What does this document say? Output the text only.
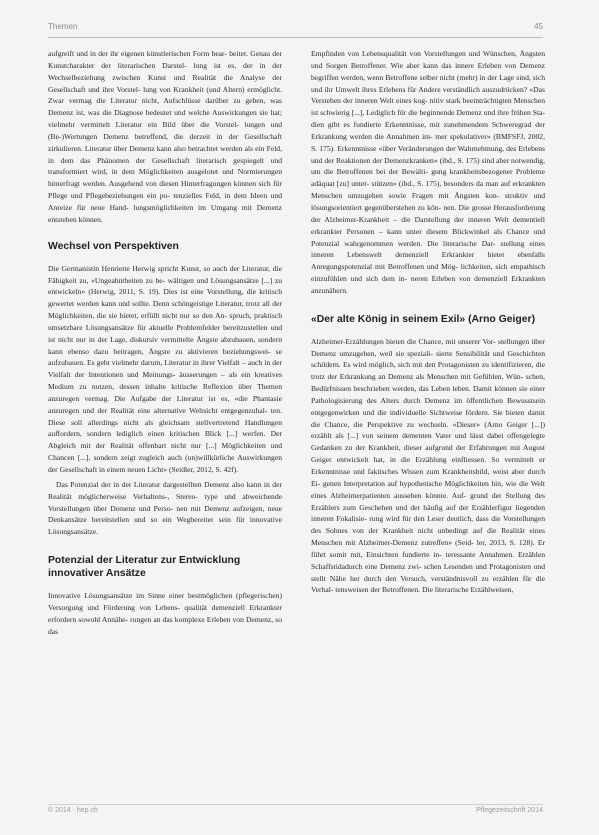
Themen	45

aufgreift und in der ihr eigenen künstlerischen Form bear- beitet. Genau der Kunstcharakter der literarischen Darstel- lung ist es, der in der Wechselbeziehung zwischen Kunst und Realität die Analyse der Gesellschaft und ihre Vorstel- lung von Krankheit (und Altern) ermöglicht. Zwar vermag die Literatur nicht, Aufschlüsse darüber zu geben, was Demenz ist, was die Diagnose bedeutet und welche Auswirkungen sie hat; vielmehr vermittelt Literatur ein Bild über die Vorstel- lungen und (Be-)Wertungen Demenz betreffend, die derzeit in der Gesellschaft zirkulieren. Literatur über Demenz kann also betrachtet werden als ein Feld, in dem das Phänomen der Gesellschaft literarisch gespiegelt und transformiert wird, in dem Möglichkeiten ausgelotet und Normierungen hinterfragt werden. Ausgehend von diesen Hinterfragungen können sich für Pflege und Pflegebeziehungen ein po- tenzielles Feld, in dem Ideen und Anreize für neue Hand- lungsmöglichkeiten im Umgang mit Demenz entstehen können.

Wechsel von Perspektiven

Die Germanistin Henriette Herwig spricht Kunst, so auch der Literatur, die Fähigkeit zu, «Ungeahntheiten zu be- wältigen und Lösungsansätze [...] zu entwickeln» (Herwig, 2011, S. 19). Dies ist eine Vorstellung, die kritisch gewertet werden kann und sollte. Denn schöngeistige Literatur, trotz all der Möglichkeiten, die sie bietet, erfüllt nicht nur so den An- spruch, praktisch umsetzbare Lösungsansätze für aktuelle Problemfelder bereitzustellen und ist nicht nur in der Lage, diskursiv vermittelte Ängste abzubauen, sondern kann ebenso dazu beitragen, Ängste zu aktivieren beziehungswei- se aufzubauen. Es geht vielmehr darum, Literatur in ihrer Vielfalt – auch in der Vielfalt der Intentionen und Meinungs- äusserungen – als ein kreatives Medium zu nutzen, dessen inhalte kritische Reflexion über Themen anzuregen vermag. Die Aufgabe der Literatur ist es, «die Phantasie anzuregen und der Realität eine alternative Weltsicht entgegenzuhal- ten. Diese soll allerdings nicht als gleichsam stellvertretend Handlungen auffordern, sondern lediglich einen kritischen Blick [...] werfen. Der Abgleich mit der Realität offenbart nicht nur [...] Möglichkeiten und Chancen [...], sondern zeigt zugleich auch (un)willkürliche Auswirkungen der Gesellschaft in einem neuen Licht» (Seidler, 2012, S. 42f).

Das Potenzial der in der Literatur dargestellten Demenz also kann in der Realität möglicherweise Verhaltens-, Stereo- type und abweichende Vorstellungen über Demenz und Perso- nen mit Demenz aufzeigen, neue Denkansätze bereitstellen und so ein Wegbereiter sein für innovative Lösungsansätze.

Potenzial der Literatur zur Entwicklung innovativer Ansätze

Innovative Lösungsansätze im Sinne einer bestmöglichen (pflegerischen) Versorgung und Förderung von Lebens- qualität demenziell Erkrankter erfordern sowohl Annähe- rungen an das komplexe Erleben von Demenz, so das

Empfinden von Lebensqualität von Vorstellungen und Wünschen, Ängsten und Sorgen Betroffener. Wie aber kann das innere Erleben von Demenz begriffen werden, wenn Betroffene selber nicht (mehr) in der Lage sind, sich und ihr Umwelt ihres Erlebens für Andere verständlich auszudrücken? «Das Verstehen der inneren Welt eines kog- nitiv stark beeinträchtigten Menschen ist schwierig [...], Lediglich für die beginnende Demenz und ihre frühen Sta- dien gibt es fundierte Erkenntnisse, mit zunehmendem Schweregrad der Erkrankung werden die Annahmen im- mer spekulativer» (BMFSFJ, 2002, S. 175). Erkenntnisse «über Veränderungen der Wahrnehmung, des Erlebens und der Reaktionen der Demenzkranken» (ibd., S. 175) sind aber notwendig, um die Betroffenen bei der Bewälti- gung krankheitsbezogener Probleme adäquat [zu] unter- stützen» (ibd., S. 175), besonders da man auf erkrankten Menschen umzugehen sowie Fragen mit Ängsten kon- struktiv und lösungsorientiert gegenüberstehen zu kön- nen. Die grosse Herausforderung der Alzheimer-Krankheit – die Darstellung der inneren Welt dementiell erkrankter Personen – kann unter diesem Blickwinkel als Chance und Potenzial wahrgenommen werden. Die literarische Dar- stellung eines inneren Lebenswelt demenziell Erkrankter bietet ebenfalls Anregungspotenzial mit Betroffenen und Mög- lichkeiten, sich empathisch einzufühlen und sich dem in- neren Erleben von demenziell Erkrankten anzunähern.

«Der alte König in seinem Exil» (Arno Geiger)

Alzheimer-Erzählungen bieten die Chance, mit unserer Vor- stellungen über Demenz umzugehen, weil sie speziali- sierte Sensibilität und Geschichten schildern. Es wird möglich, sich mit den Protagonisten zu identifizieren, die trotz der Erkrankung an Demenz als Menschen mit Gefühlen, Wün- schen, Bedürfnissen beschrieben werden, das Leben leben. Damit können sie einer Pathologisierung des Alters durch Demenz im öffentlichen Bewusstsein entgegenwirken und die individuelle Sichtweise fördern. Sie bieten damit die Chance, die Perspektive zu wechseln. «Dieser» (Arno Geiger [...]) erzählt als [...] von seinem dementen Vater und lässt dabei offengelegte Gedanken zu der Krankheit, dieser aufgrund der Erfahrungen mit August Geiger entwickelt hat, in die Erzählung einfliessen. So vermittelt er Erkenntnisse und faktisches Wissen zum Krankheitsbild, weist aber durch Ei- genen Interpretation auf hypothetische Möglichkeiten hin, wie die Welt eines Alzheimerpatienten aussehen könnte. Auf- grund der Stellung des Erzählers zum Geschehen und der häufig auf der Erzählerfigur liegenden inneren Fokalisie- rung wird für den Leser deutlich, dass die Vorstellungen des Sohnes von der Krankheit nicht unbedingt auf die Realität eines Menschen mit Alzheimer-Demenz zutreffen» (Seid- ler, 2013, S. 128). Er führt somit mit, Einsichten fundierte in- teressante Annahmen. Erzählen Schaffstidadurch eine Demenz zwi- schen Lesenden und Protagonisten und stellt Nähe her durch den Versuch, verständnisvoll zu erzählen für die Verhal- tensweisen der Betroffenen. Die literarische Erzählweisen,

© 2014 · hep.ch	Pflegezeitschrift 2014
